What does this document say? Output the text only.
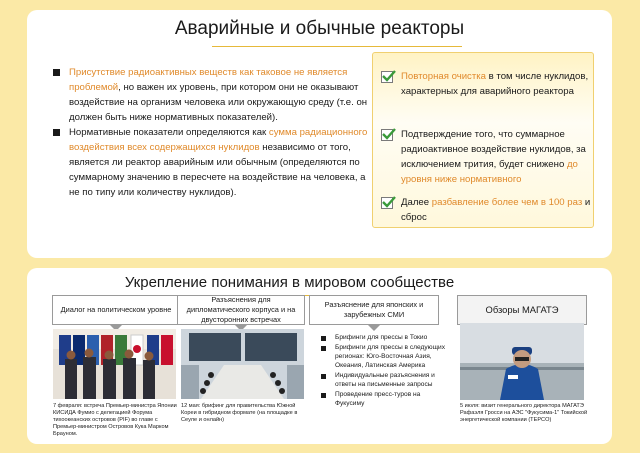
Аварийные и обычные реакторы
Присутствие радиоактивных веществ как таковое не является проблемой, но важен их уровень, при котором они не оказывают воздействие на организм человека или окружающую среду (т.е. он должен быть ниже нормативных показателей).
Нормативные показатели определяются как сумма радиационного воздействия всех содержащихся нуклидов независимо от того, является ли реактор аварийным или обычным (определяются по суммарному значению в пересчете на воздействие на человека, а не по типу или количеству нуклидов).
Повторная очистка в том числе нуклидов, характерных для аварийного реактора
Подтверждение того, что суммарное радиоактивное воздействие нуклидов, за исключением трития, будет снижено до уровня ниже нормативного
Далее разбавление более чем в 100 раз и сброс
Укрепление понимания в мировом сообществе
Диалог на политическом уровне
Разъяснения для дипломатического корпуса и на двусторонних встречах
Разъяснение для японских и зарубежных СМИ	Обзоры МАГАТЭ
7 февраля: встреча Премьер-министра Японии КИСИДА Фумио с делегацией Форума тихоокеанских островов (PIF) во главе с Премьер-министром Островов Кука Марком Брауном.
12 мая: брифинг для правительства Южной Кореи в гибридном формате (на площадке в Сеуле и онлайн)
Брифинги для прессы в Токио
Брифинги для прессы в следующих регионах: Юго-Восточная Азия, Океания, Латинская Америка
Индивидуальные разъяснения и ответы на письменные запросы
Проведение пресс-туров на Фукусиму	5 июля: визит генерального директора МАГАТЭ Рафаэля Гросси на АЭС "Фукусима-1" Токийской энергетической компании (TEPCO)
4
